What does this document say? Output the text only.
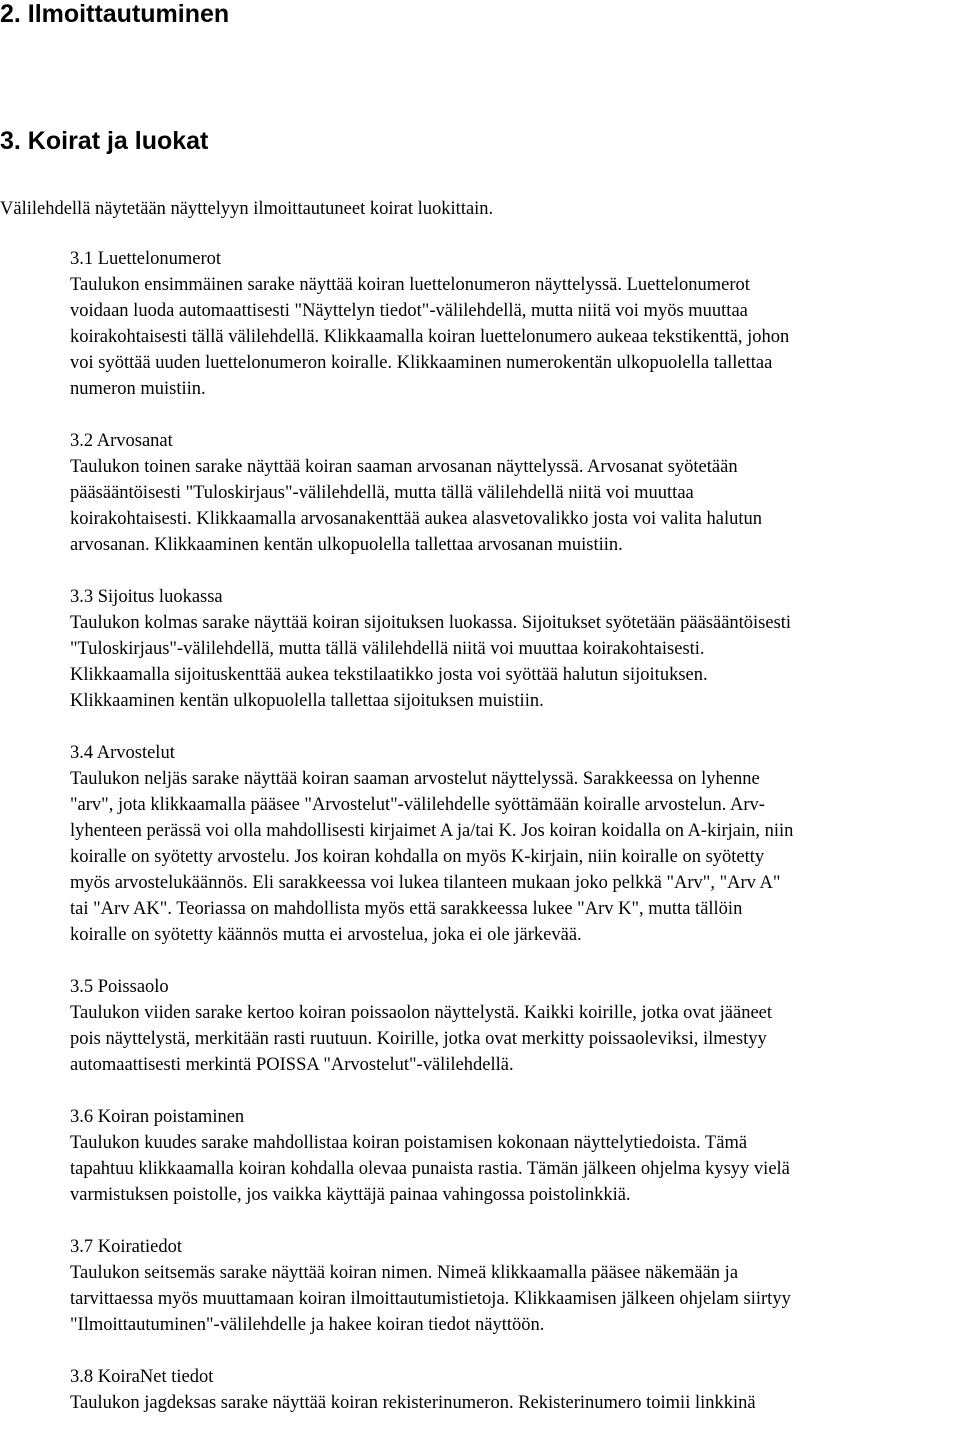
2. Ilmoittautuminen
3. Koirat ja luokat
Välilehdellä näytetään näyttelyyn ilmoittautuneet koirat luokittain.
3.1 Luettelonumerot
Taulukon ensimmäinen sarake näyttää koiran luettelonumeron näyttelyssä. Luettelonumerot
voidaan luoda automaattisesti "Näyttelyn tiedot"-välilehdellä, mutta niitä voi myös muuttaa
koirakohtaisesti tällä välilehdellä. Klikkaamalla koiran luettelonumero aukeaa tekstikenttä, johon
voi syöttää uuden luettelonumeron koiralle. Klikkaaminen numerokentän ulkopuolella tallettaa
numeron muistiin.
3.2 Arvosanat
Taulukon toinen sarake näyttää koiran saaman arvosanan näyttelyssä. Arvosanat syötetään
pääsääntöisesti "Tuloskirjaus"-välilehdellä, mutta tällä välilehdellä niitä voi muuttaa
koirakohtaisesti. Klikkaamalla arvosanakenttää aukea alasvetovalikko josta voi valita halutun
arvosanan. Klikkaaminen kentän ulkopuolella tallettaa arvosanan muistiin.
3.3 Sijoitus luokassa
Taulukon kolmas sarake näyttää koiran sijoituksen luokassa. Sijoitukset syötetään pääsääntöisesti
"Tuloskirjaus"-välilehdellä, mutta tällä välilehdellä niitä voi muuttaa koirakohtaisesti.
Klikkaamalla sijoituskenttää aukea tekstilaatikko josta voi syöttää halutun sijoituksen.
Klikkaaminen kentän ulkopuolella tallettaa sijoituksen muistiin.
3.4 Arvostelut
Taulukon neljäs sarake näyttää koiran saaman arvostelut näyttelyssä. Sarakkeessa on lyhenne
"arv", jota klikkaamalla pääsee "Arvostelut"-välilehdelle syöttämään koiralle arvostelun. Arv-
lyhenteen perässä voi olla mahdollisesti kirjaimet A ja/tai K. Jos koiran koidalla on A-kirjain, niin
koiralle on syötetty arvostelu. Jos koiran kohdalla on myös K-kirjain, niin koiralle on syötetty
myös arvostelukäännös. Eli sarakkeessa voi lukea tilanteen mukaan joko pelkkä "Arv", "Arv A"
tai "Arv AK". Teoriassa on mahdollista myös että sarakkeessa lukee "Arv K", mutta tällöin
koiralle on syötetty käännös mutta ei arvostelua, joka ei ole järkevää.
3.5 Poissaolo
Taulukon viiden sarake kertoo koiran poissaolon näyttelystä. Kaikki koirille, jotka ovat jääneet
pois näyttelystä, merkitään rasti ruutuun. Koirille, jotka ovat merkitty poissaoleviksi, ilmestyy
automaattisesti merkintä POISSA "Arvostelut"-välilehdellä.
3.6 Koiran poistaminen
Taulukon kuudes sarake mahdollistaa koiran poistamisen kokonaan näyttelytiedoista. Tämä
tapahtuu klikkaamalla koiran kohdalla olevaa punaista rastia. Tämän jälkeen ohjelma kysyy vielä
varmistuksen poistolle, jos vaikka käyttäjä painaa vahingossa poistolinkkiä.
3.7 Koiratiedot
Taulukon seitsemäs sarake näyttää koiran nimen. Nimeä klikkaamalla pääsee näkemään ja
tarvittaessa myös muuttamaan koiran ilmoittautumistietoja. Klikkaamisen jälkeen ohjelam siirtyy
"Ilmoittautuminen"-välilehdelle ja hakee koiran tiedot näyttöön.
3.8 KoiraNet tiedot
Taulukon jagdeksas sarake näyttää koiran rekisterinumeron. Rekisterinumero toimii linkkinä
